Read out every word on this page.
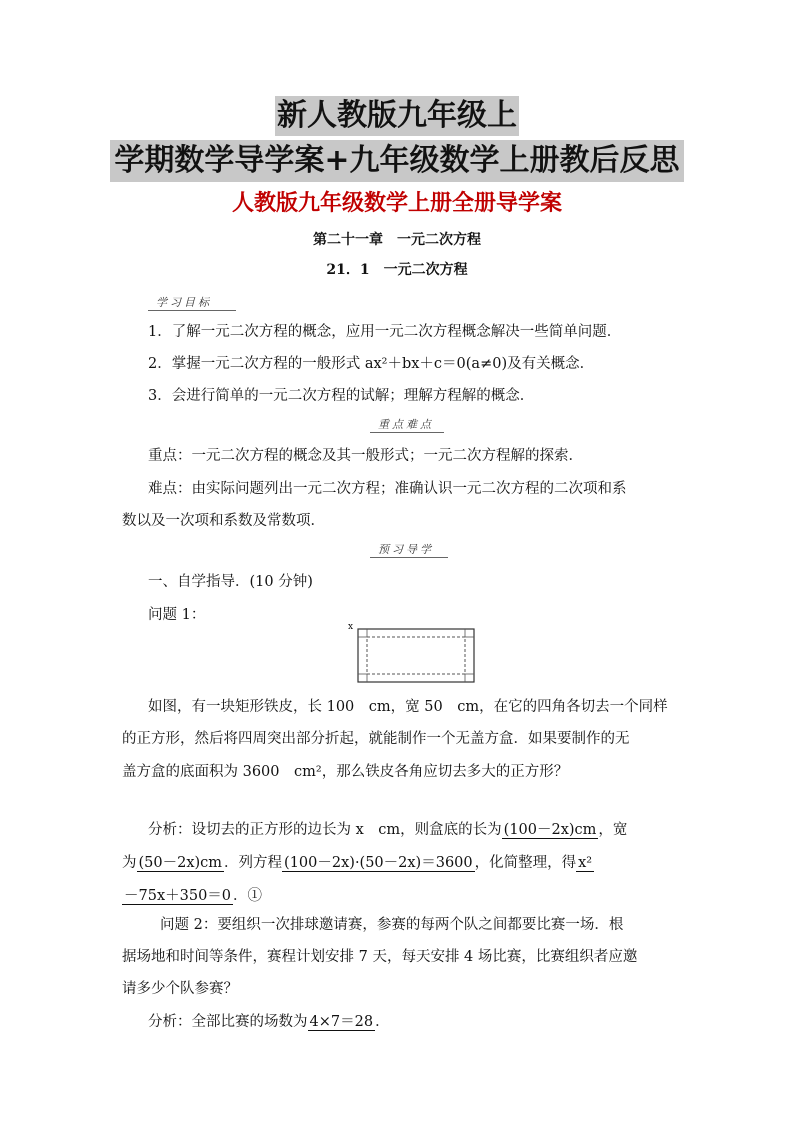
新人教版九年级上
学期数学导学案+九年级数学上册教后反思
人教版九年级数学上册全册导学案
第二十一章　一元二次方程
21．1　一元二次方程
学习目标
1．了解一元二次方程的概念，应用一元二次方程概念解决一些简单问题．
2．掌握一元二次方程的一般形式 ax²＋bx＋c＝0(a≠0)及有关概念．
3．会进行简单的一元二次方程的试解；理解方程解的概念．
重点难点
重点：一元二次方程的概念及其一般形式；一元二次方程解的探索．
难点：由实际问题列出一元二次方程；准确认识一元二次方程的二次项和系
数以及一次项和系数及常数项．
预习导学
一、自学指导．(10 分钟)
问题 1：
x
如图，有一块矩形铁皮，长 100　cm，宽 50　cm，在它的四角各切去一个同样
的正方形，然后将四周突出部分折起，就能制作一个无盖方盒．如果要制作的无
盖方盒的底面积为 3600　cm²，那么铁皮各角应切去多大的正方形？
分析：设切去的正方形的边长为 x　cm，则盒底的长为 (100－2x)cm ，宽
为 (50－2x)cm ．列方程 (100－2x)·(50－2x)＝3600 ，化简整理，得 x²
－75x＋350＝0 ．①
问题 2：要组织一次排球邀请赛，参赛的每两个队之间都要比赛一场．根
据场地和时间等条件，赛程计划安排 7 天，每天安排 4 场比赛，比赛组织者应邀
请多少个队参赛？
分析：全部比赛的场数为 4×7＝28 ．
